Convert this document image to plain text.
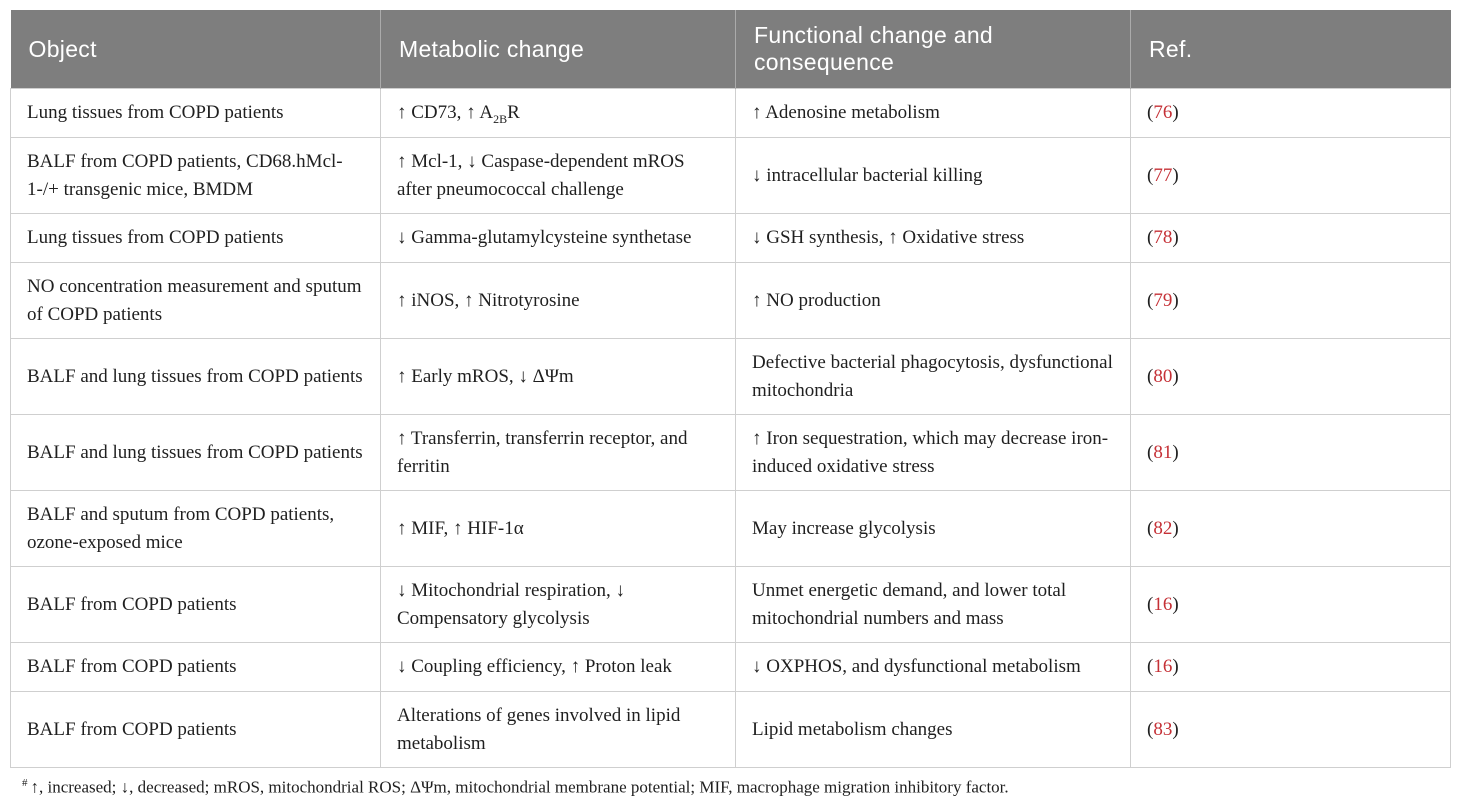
Object	Metabolic change	Functional change and consequence	Ref.
Lung tissues from COPD patients	↑ CD73, ↑ $A_{2B}R$	↑ Adenosine metabolism	(76)
BALF from COPD patients, CD68.hMcl-1-/+ transgenic mice, BMDM	↑ Mcl-1, ↓ Caspase-dependent mROS after pneumococcal challenge	↓ intracellular bacterial killing	(77)
Lung tissues from COPD patients	↓ Gamma-glutamylcysteine synthetase	↓ GSH synthesis, ↑ Oxidative stress	(78)
NO concentration measurement and sputum of COPD patients	↑ iNOS, ↑ Nitrotyrosine	↑ NO production	(79)
BALF and lung tissues from COPD patients	↑ Early mROS, ↓ ΔΨm	Defective bacterial phagocytosis, dysfunctional mitochondria	(80)
BALF and lung tissues from COPD patients	↑ Transferrin, transferrin receptor, and ferritin	↑ Iron sequestration, which may decrease iron-induced oxidative stress	(81)
BALF and sputum from COPD patients, ozone-exposed mice	↑ MIF, ↑ HIF-1α	May increase glycolysis	(82)
BALF from COPD patients	↓ Mitochondrial respiration, ↓ Compensatory glycolysis	Unmet energetic demand, and lower total mitochondrial numbers and mass	(16)
BALF from COPD patients	↓ Coupling efficiency, ↑ Proton leak	↓ OXPHOS, and dysfunctional metabolism	(16)
BALF from COPD patients	Alterations of genes involved in lipid metabolism	Lipid metabolism changes	(83)
# ↑, increased; ↓, decreased; mROS, mitochondrial ROS; ΔΨm, mitochondrial membrane potential; MIF, macrophage migration inhibitory factor.
